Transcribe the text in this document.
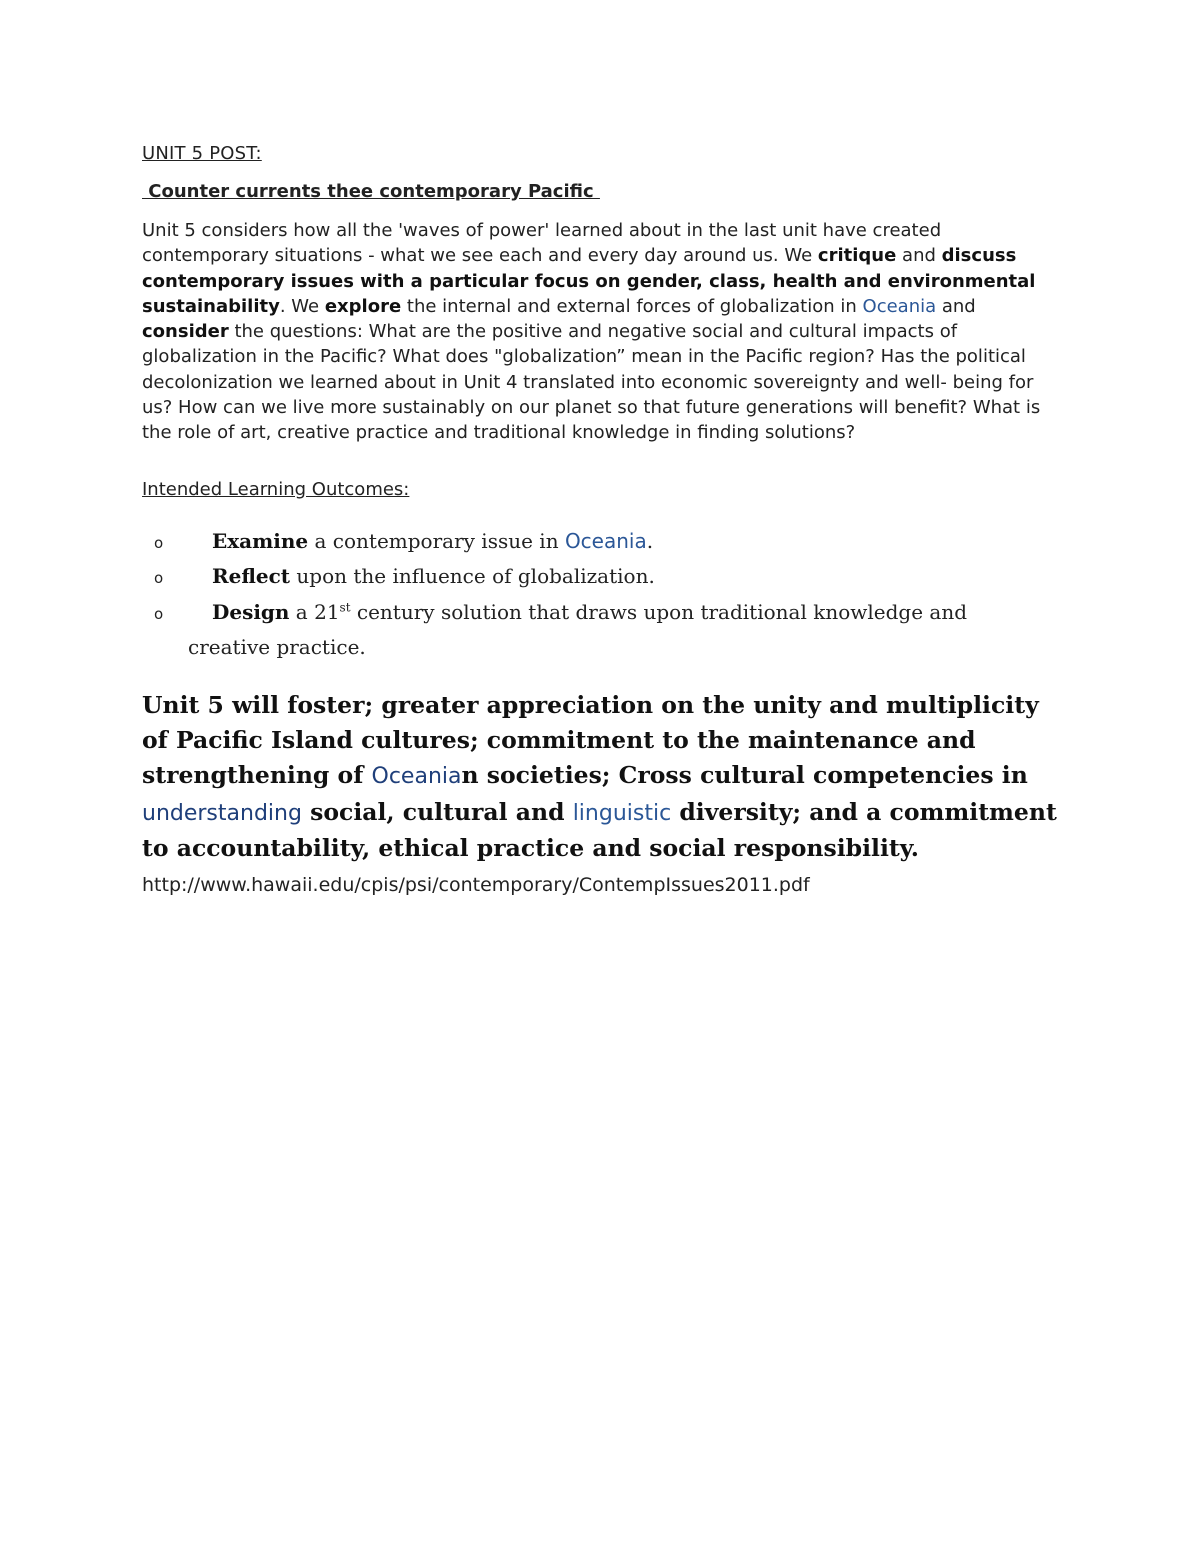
UNIT 5 POST:
Counter currents thee contemporary Pacific

Unit 5 considers how all the 'waves of power' learned about in the last unit have created contemporary situations - what we see each and every day around us. We critique and discuss contemporary issues with a particular focus on gender, class, health and environmental sustainability. We explore the internal and external forces of globalization in Oceania and consider the questions: What are the positive and negative social and cultural impacts of globalization in the Pacific? What does "globalization” mean in the Pacific region? Has the political decolonization we learned about in Unit 4 translated into economic sovereignty and well- being for us? How can we live more sustainably on our planet so that future generations will benefit? What is the role of art, creative practice and traditional knowledge in finding solutions?

Intended Learning Outcomes:
o Examine a contemporary issue in Oceania.
o Reflect upon the influence of globalization.
o Design a 21st century solution that draws upon traditional knowledge and
creative practice.

Unit 5 will foster; greater appreciation on the unity and multiplicity of Pacific Island cultures; commitment to the maintenance and strengthening of Oceanian societies; Cross cultural competencies in understanding social, cultural and linguistic diversity; and a commitment to accountability, ethical practice and social responsibility.

http://www.hawaii.edu/cpis/psi/contemporary/ContempIssues2011.pdf
